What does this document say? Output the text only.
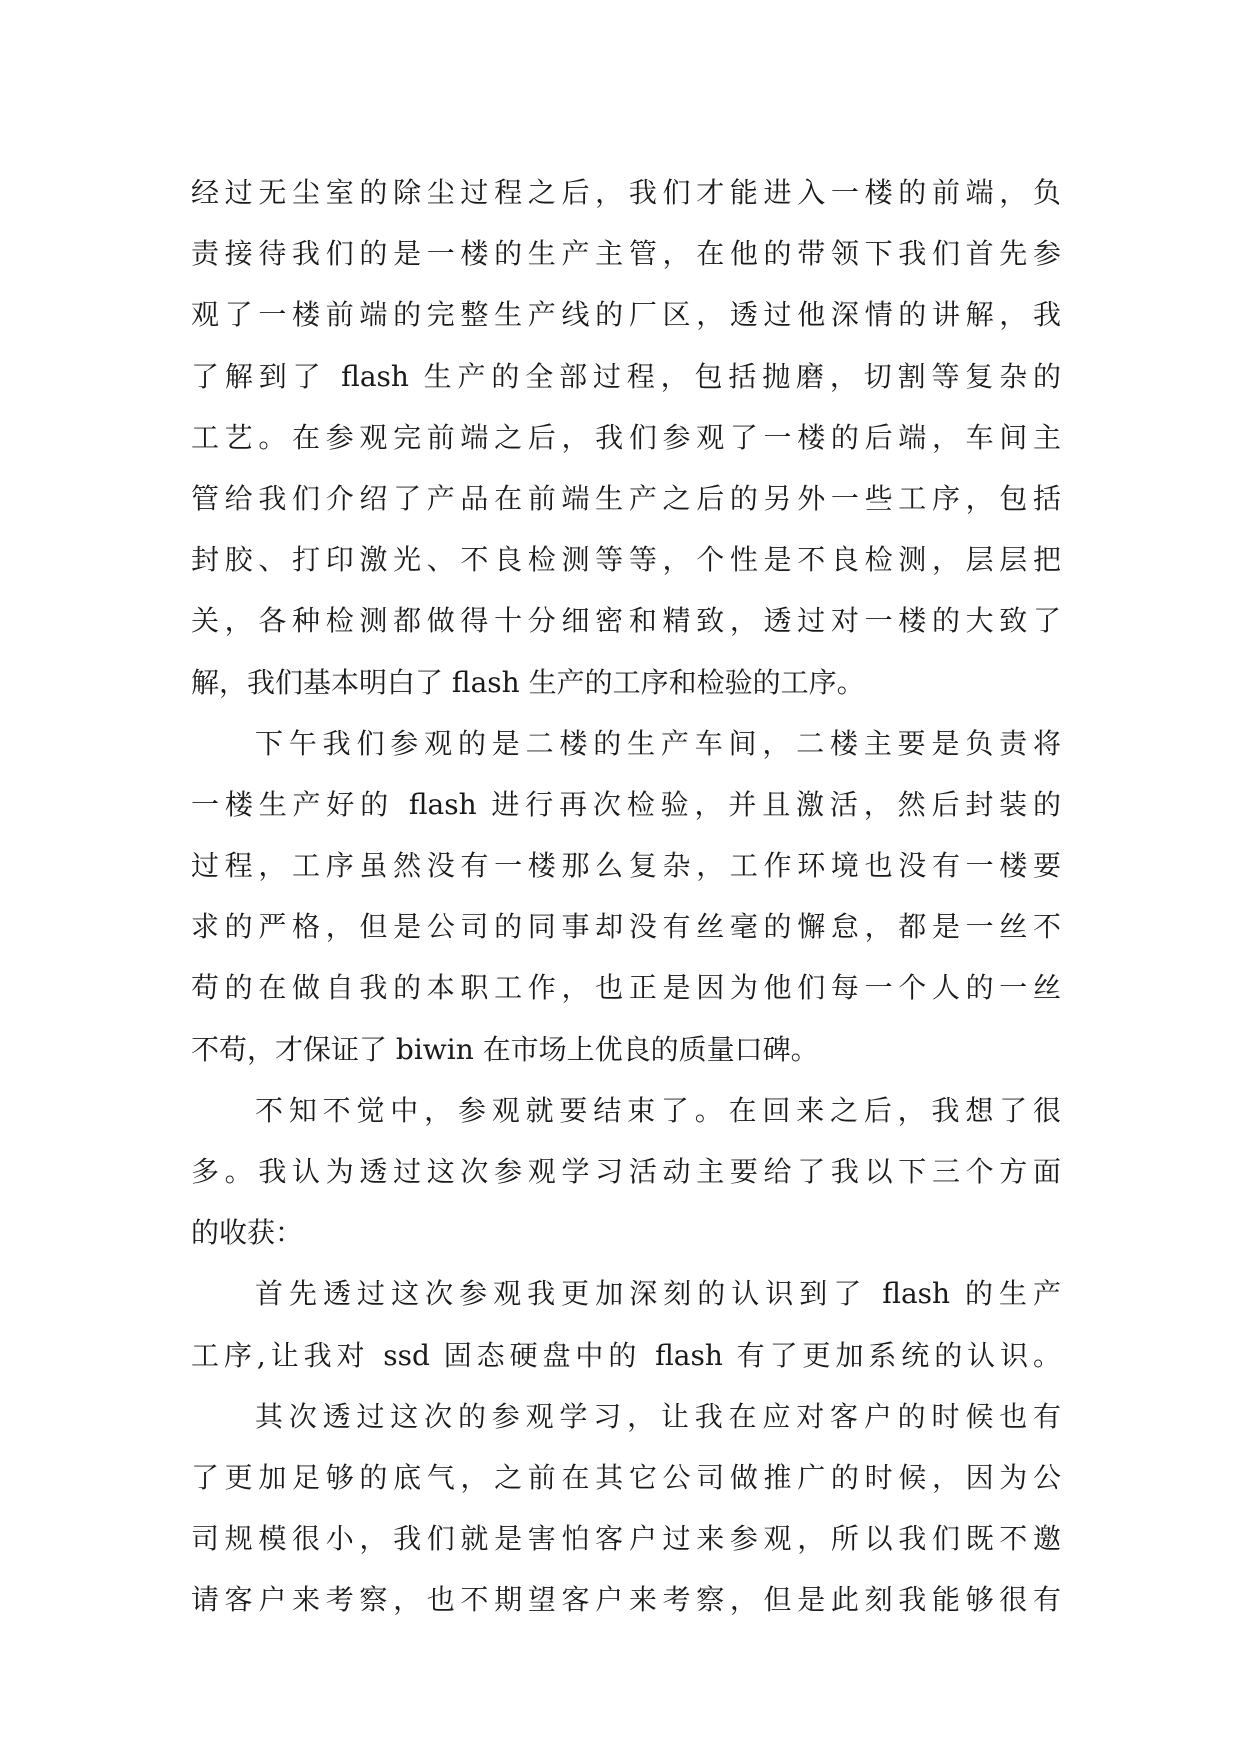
经过无尘室的除尘过程之后，我们才能进入一楼的前端，负
责接待我们的是一楼的生产主管，在他的带领下我们首先参
观了一楼前端的完整生产线的厂区，透过他深情的讲解，我
了解到了 flash 生产的全部过程，包括抛磨，切割等复杂的
工艺。在参观完前端之后，我们参观了一楼的后端，车间主
管给我们介绍了产品在前端生产之后的另外一些工序，包括
封胶、打印激光、不良检测等等，个性是不良检测，层层把
关，各种检测都做得十分细密和精致，透过对一楼的大致了
解，我们基本明白了 flash 生产的工序和检验的工序。
下午我们参观的是二楼的生产车间，二楼主要是负责将
一楼生产好的 flash 进行再次检验，并且激活，然后封装的
过程，工序虽然没有一楼那么复杂，工作环境也没有一楼要
求的严格，但是公司的同事却没有丝毫的懈怠，都是一丝不
苟的在做自我的本职工作，也正是因为他们每一个人的一丝
不苟，才保证了 biwin 在市场上优良的质量口碑。
不知不觉中，参观就要结束了。在回来之后，我想了很
多。我认为透过这次参观学习活动主要给了我以下三个方面
的收获：
首先透过这次参观我更加深刻的认识到了 flash 的生产
工序,让我对 ssd 固态硬盘中的 flash 有了更加系统的认识。
其次透过这次的参观学习，让我在应对客户的时候也有
了更加足够的底气，之前在其它公司做推广的时候，因为公
司规模很小，我们就是害怕客户过来参观，所以我们既不邀
请客户来考察，也不期望客户来考察，但是此刻我能够很有
